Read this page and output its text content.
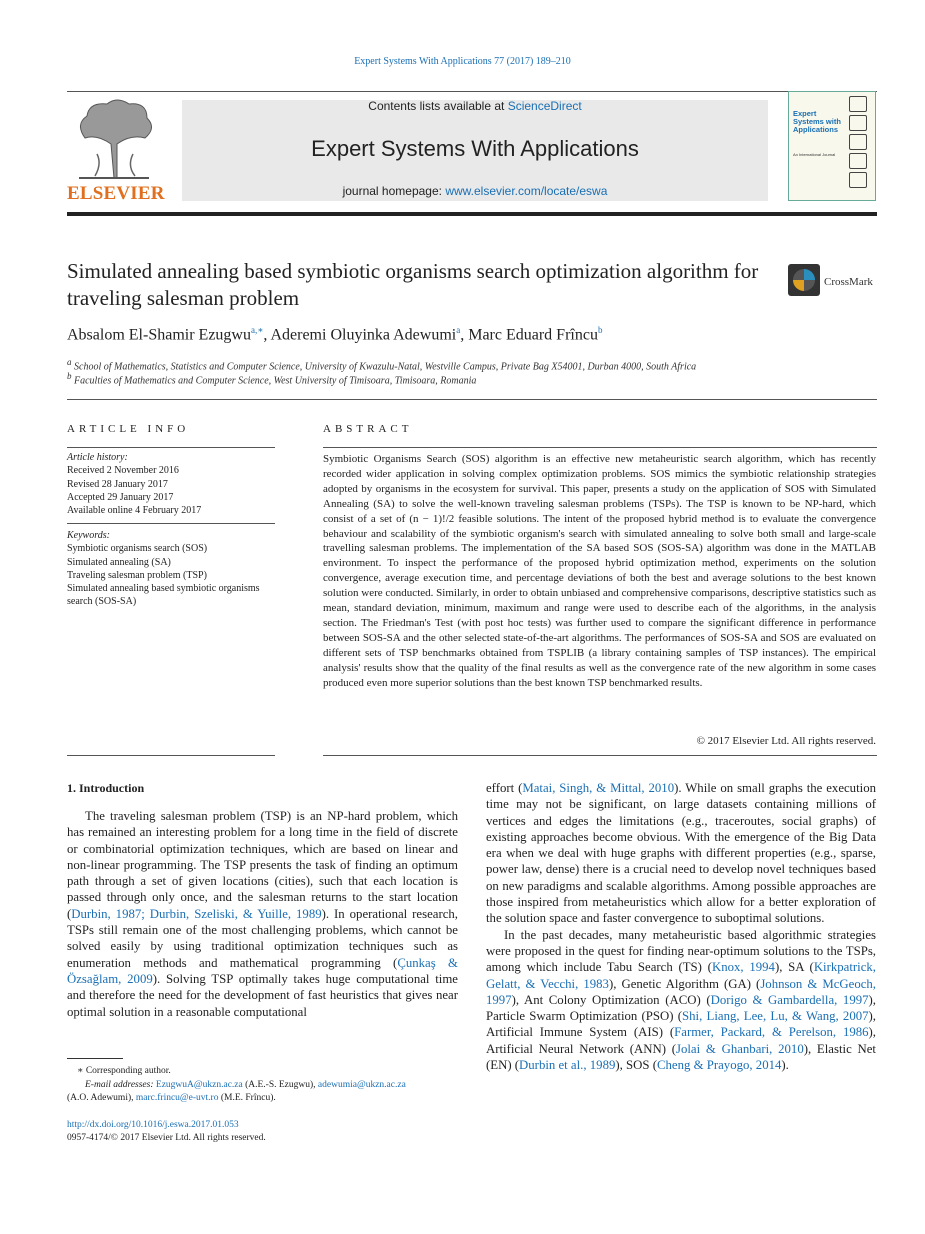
Expert Systems With Applications 77 (2017) 189–210
ELSEVIER
Contents lists available at ScienceDirect
Expert Systems With Applications
journal homepage: www.elsevier.com/locate/eswa
Expert Systems with Applications
An International Journal
Simulated annealing based symbiotic organisms search optimization algorithm for traveling salesman problem
CrossMark
Absalom El-Shamir Ezugwu$^{a,∗}$, Aderemi Oluyinka Adewumi$^a$, Marc Eduard Frîncu$^b$
$^a$ School of Mathematics, Statistics and Computer Science, University of Kwazulu-Natal, Westville Campus, Private Bag X54001, Durban 4000, South Africa
$^b$ Faculties of Mathematics and Computer Science, West University of Timisoara, Timisoara, Romania
ARTICLE INFO	ABSTRACT
Article history:
Received 2 November 2016
Revised 28 January 2017
Accepted 29 January 2017
Available online 4 February 2017
Keywords:
Symbiotic organisms search (SOS)
Simulated annealing (SA)
Traveling salesman problem (TSP)
Simulated annealing based symbiotic organisms search (SOS-SA)
Symbiotic Organisms Search (SOS) algorithm is an effective new metaheuristic search algorithm, which has recently recorded wider application in solving complex optimization problems. SOS mimics the symbiotic relationship strategies adopted by organisms in the ecosystem for survival. This paper, presents a study on the application of SOS with Simulated Annealing (SA) to solve the well-known traveling salesman problems (TSPs). The TSP is known to be NP-hard, which consist of a set of (n − 1)!/2 feasible solutions. The intent of the proposed hybrid method is to evaluate the convergence behaviour and scalability of the symbiotic organism's search with simulated annealing to solve both small and large-scale travelling salesman problems. The implementation of the SA based SOS (SOS-SA) algorithm was done in the MATLAB environment. To inspect the performance of the proposed hybrid optimization method, experiments on the solution convergence, average execution time, and percentage deviations of both the best and average solutions to the best known solution were conducted. Similarly, in order to obtain unbiased and comprehensive comparisons, descriptive statistics such as mean, standard deviation, minimum, maximum and range were used to describe each of the algorithms, in the analysis section. The Friedman's Test (with post hoc tests) was further used to compare the significant difference in performance between SOS-SA and the other selected state-of-the-art algorithms. The performances of SOS-SA and SOS are evaluated on different sets of TSP benchmarks obtained from TSPLIB (a library containing samples of TSP instances). The empirical analysis' results show that the quality of the final results as well as the convergence rate of the new algorithm in some cases produced even more superior solutions than the best known TSP benchmarked results.
© 2017 Elsevier Ltd. All rights reserved.
1. Introduction

The traveling salesman problem (TSP) is an NP-hard problem, which has remained an interesting problem for a long time in the field of discrete or combinatorial optimization techniques, which are based on linear and non-linear programming. The TSP presents the task of finding an optimum path through a set of given locations (cities), such that each location is passed through only once, and the salesman returns to the start location (Durbin, 1987; Durbin, Szeliski, & Yuille, 1989). In operational research, TSPs still remain one of the most challenging problems, which cannot be solved easily by using traditional optimization techniques such as enumeration methods and mathematical programming (Çunkaş & Özsağlam, 2009). Solving TSP optimally takes huge computational time and therefore the need for the development of fast heuristics that gives near optimal solution in a reasonable computational

effort (Matai, Singh, & Mittal, 2010). While on small graphs the execution time may not be significant, on large datasets containing millions of vertices and edges the limitations (e.g., traceroutes, social graphs) of existing approaches become obvious. With the emergence of the Big Data era when we deal with huge graphs with different properties (e.g., sparse, power law, dense) there is a crucial need to develop novel techniques based on new paradigms and scalable algorithms. Among possible approaches are those inspired from metaheuristics which allow for a better exploration of the solution space and faster convergence to suboptimal solutions.

In the past decades, many metaheuristic based algorithmic strategies were proposed in the quest for finding near-optimum solutions to the TSPs, among which include Tabu Search (TS) (Knox, 1994), SA (Kirkpatrick, Gelatt, & Vecchi, 1983), Genetic Algorithm (GA) (Johnson & McGeoch, 1997), Ant Colony Optimization (ACO) (Dorigo & Gambardella, 1997), Particle Swarm Optimization (PSO) (Shi, Liang, Lee, Lu, & Wang, 2007), Artificial Immune System (AIS) (Farmer, Packard, & Perelson, 1986), Artificial Neural Network (ANN) (Jolai & Ghanbari, 2010), Elastic Net (EN) (Durbin et al., 1989), SOS (Cheng & Prayogo, 2014).

∗ Corresponding author.
E-mail addresses: EzugwuA@ukzn.ac.za (A.E.-S. Ezugwu), adewumia@ukzn.ac.za
(A.O. Adewumi), marc.frincu@e-uvt.ro (M.E. Frîncu).
http://dx.doi.org/10.1016/j.eswa.2017.01.053
0957-4174/© 2017 Elsevier Ltd. All rights reserved.
